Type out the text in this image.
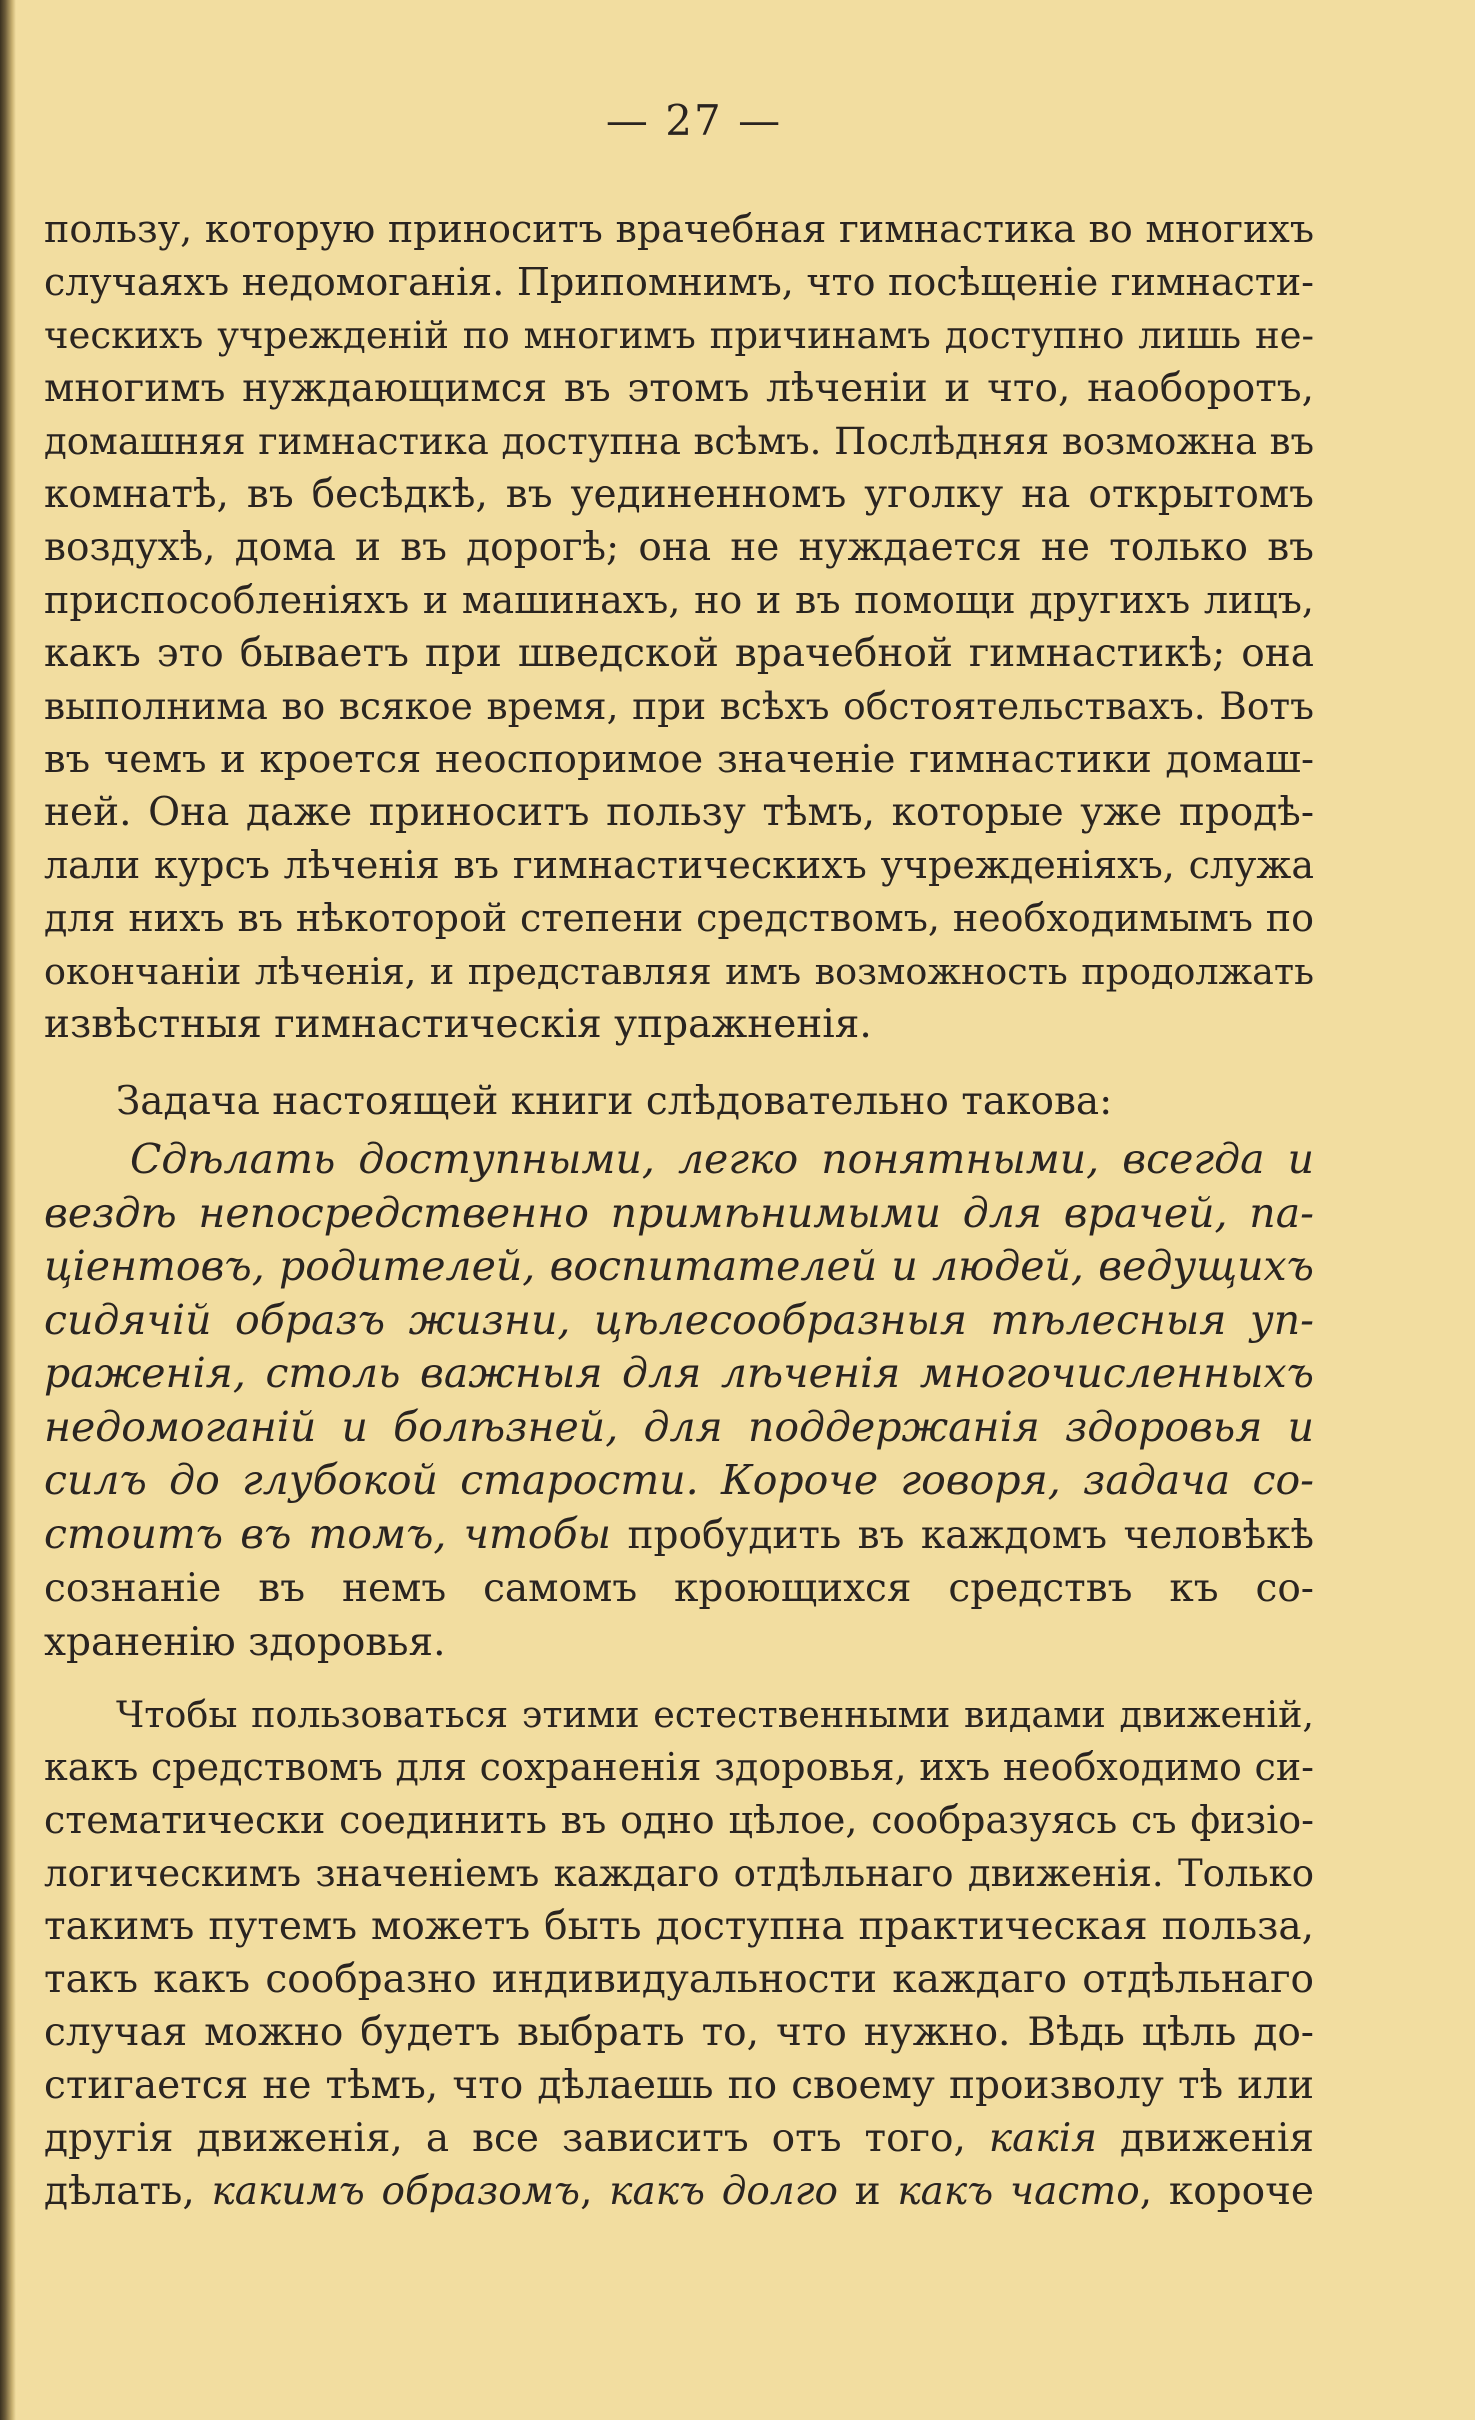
— 27 —
пользу, которую приноситъ врачебная гимнастика во многихъ
случаяхъ недомоганія. Припомнимъ, что посѣщеніе гимнасти-
ческихъ учрежденій по многимъ причинамъ доступно лишь не-
многимъ нуждающимся въ этомъ лѣченіи и что, наоборотъ,
домашняя гимнастика доступна всѣмъ. Послѣдняя возможна въ
комнатѣ, въ бесѣдкѣ, въ уединенномъ уголку на открытомъ
воздухѣ, дома и въ дорогѣ; она не нуждается не только въ
приспособленіяхъ и машинахъ, но и въ помощи другихъ лицъ,
какъ это бываетъ при шведской врачебной гимнастикѣ; она
выполнима во всякое время, при всѣхъ обстоятельствахъ. Вотъ
въ чемъ и кроется неоспоримое значеніе гимнастики домаш-
ней. Она даже приноситъ пользу тѣмъ, которые уже продѣ-
лали курсъ лѣченія въ гимнастическихъ учрежденіяхъ, служа
для нихъ въ нѣкоторой степени средствомъ, необходимымъ по
окончаніи лѣченія, и представляя имъ возможность продолжать
извѣстныя гимнастическія упражненія.
Задача настоящей книги слѣдовательно такова:
Сдѣлать доступными, легко понятными, всегда и
вездѣ непосредственно примѣнимыми для врачей, па-
ціентовъ, родителей, воспитателей и людей, ведущихъ
сидячій образъ жизни, цѣлесообразныя тѣлесныя уп-
раженія, столь важныя для лѣченія многочисленныхъ
недомоганій и болѣзней, для поддержанія здоровья и
силъ до глубокой старости. Короче говоря, задача со-
стоитъ въ томъ, чтобы пробудить въ каждомъ человѣкѣ
сознаніе въ немъ самомъ кроющихся средствъ къ со-
храненію здоровья.
Чтобы пользоваться этими естественными видами движеній,
какъ средствомъ для сохраненія здоровья, ихъ необходимо си-
стематически соединить въ одно цѣлое, сообразуясь съ физіо-
логическимъ значеніемъ каждаго отдѣльнаго движенія. Только
такимъ путемъ можетъ быть доступна практическая польза,
такъ какъ сообразно индивидуальности каждаго отдѣльнаго
случая можно будетъ выбрать то, что нужно. Вѣдь цѣль до-
стигается не тѣмъ, что дѣлаешь по своему произволу тѣ или
другія движенія, а все зависитъ отъ того, какія движенія
дѣлать, какимъ образомъ, какъ долго и какъ часто, короче
